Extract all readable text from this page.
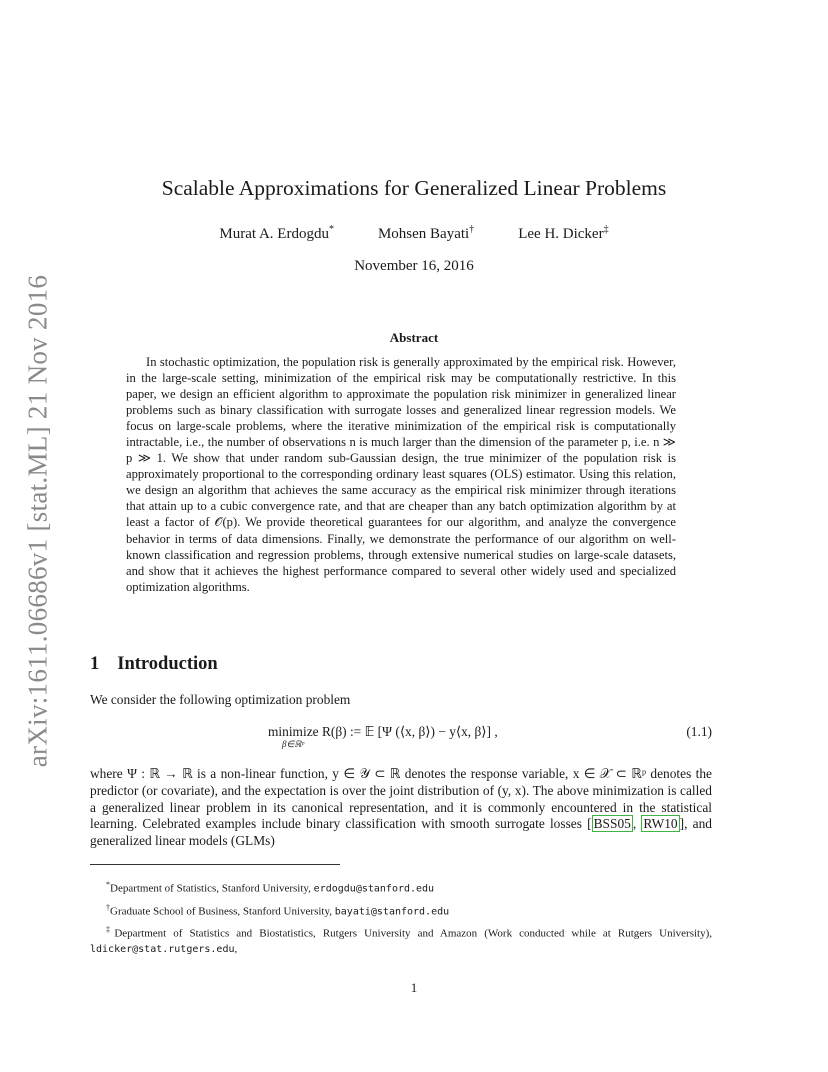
arXiv:1611.06686v1 [stat.ML] 21 Nov 2016
Scalable Approximations for Generalized Linear Problems
Murat A. Erdogdu*	Mohsen Bayati†	Lee H. Dicker‡
November 16, 2016
Abstract

In stochastic optimization, the population risk is generally approximated by the empirical risk. However, in the large-scale setting, minimization of the empirical risk may be computationally restrictive. In this paper, we design an efficient algorithm to approximate the population risk minimizer in generalized linear problems such as binary classification with surrogate losses and generalized linear regression models. We focus on large-scale problems, where the iterative minimization of the empirical risk is computationally intractable, i.e., the number of observations n is much larger than the dimension of the parameter p, i.e. n ≫ p ≫ 1. We show that under random sub-Gaussian design, the true minimizer of the population risk is approximately proportional to the corresponding ordinary least squares (OLS) estimator. Using this relation, we design an algorithm that achieves the same accuracy as the empirical risk minimizer through iterations that attain up to a cubic convergence rate, and that are cheaper than any batch optimization algorithm by at least a factor of 𝒪(p). We provide theoretical guarantees for our algorithm, and analyze the convergence behavior in terms of data dimensions. Finally, we demonstrate the performance of our algorithm on well-known classification and regression problems, through extensive numerical studies on large-scale datasets, and show that it achieves the highest performance compared to several other widely used and specialized optimization algorithms.

1 Introduction

We consider the following optimization problem

minimize
β∈ℝᵖ
R(β) := 𝔼 [Ψ (⟨x, β⟩) − y⟨x, β⟩] ,	(1.1)

where Ψ : ℝ → ℝ is a non-linear function, y ∈ 𝒴 ⊂ ℝ denotes the response variable, x ∈ 𝒳 ⊂ ℝᵖ denotes the predictor (or covariate), and the expectation is over the joint distribution of (y, x). The above minimization is called a generalized linear problem in its canonical representation, and it is commonly encountered in the statistical learning. Celebrated examples include binary classification with smooth surrogate losses [ BSS05 , RW10 ], and generalized linear models (GLMs)

*Department of Statistics, Stanford University, erdogdu@stanford.edu

†Graduate School of Business, Stanford University, bayati@stanford.edu

‡Department of Statistics and Biostatistics, Rutgers University and Amazon (Work conducted while at Rutgers University), ldicker@stat.rutgers.edu,

1
